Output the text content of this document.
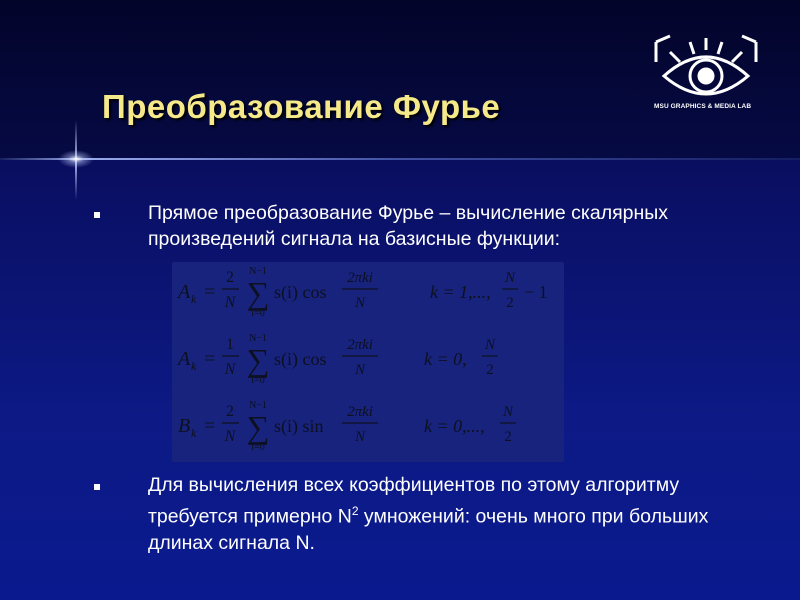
Преобразование Фурье	MSU GRAPHICS & MEDIA LAB

Прямое преобразование Фурье – вычисление скалярных произведений сигнала на базисные функции:

A k =
2
N
N−1
∑
i=0
s(i) cos
2πki
N
k = 1,...,
N
2
− 1
A k =
1
N
N−1
∑
i=0
s(i) cos
2πki
N
k = 0,
N
2
B k =
2
N
N−1
∑
i=0
s(i) sin
2πki
N
k = 0,...,
N
2

Для вычисления всех коэффициентов по этому алгоритму требуется примерно $N^2$ умножений: очень много при больших длинах сигнала N.
